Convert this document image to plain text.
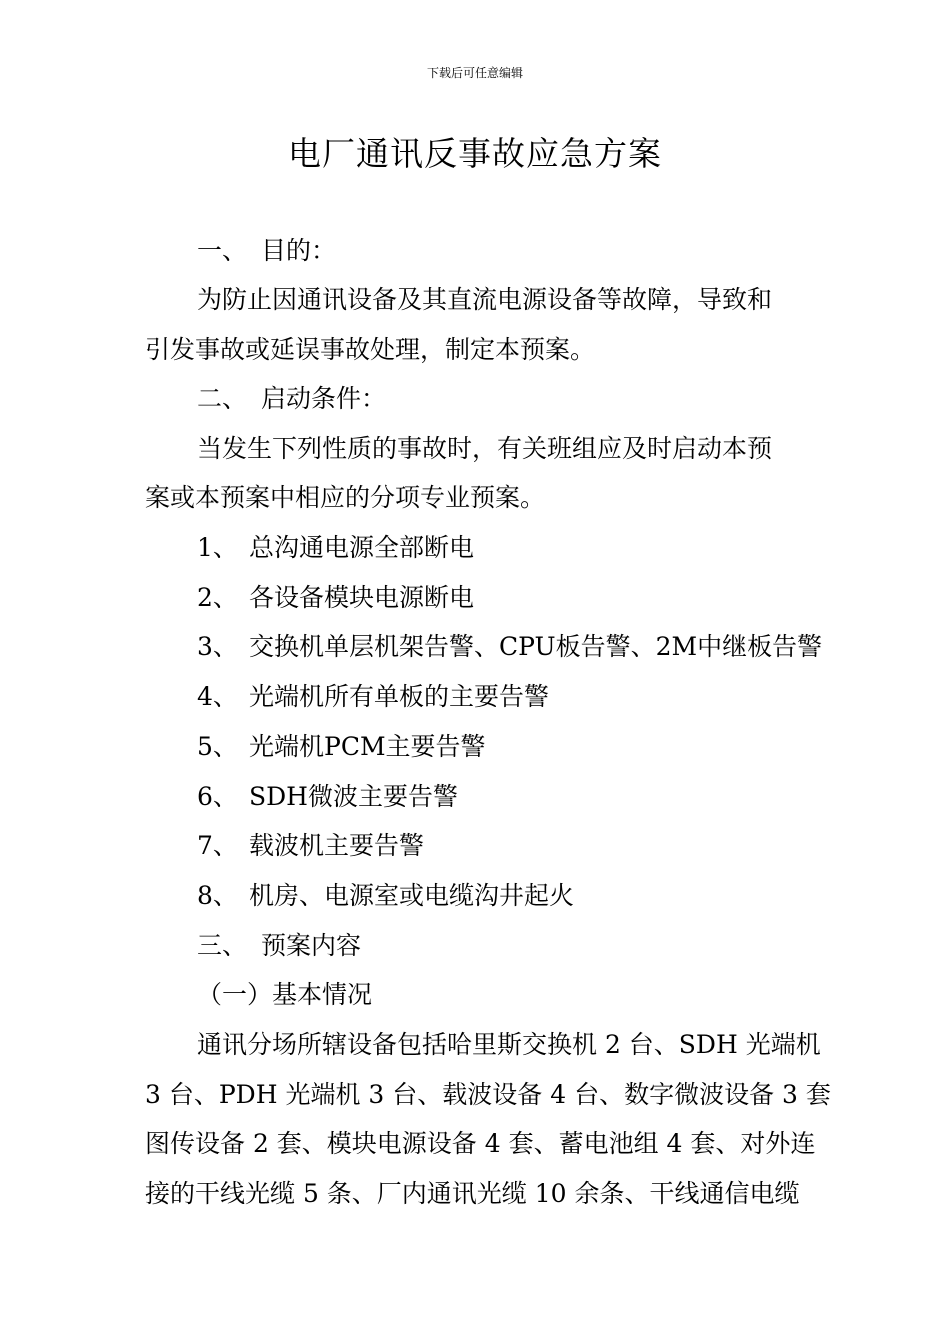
下载后可任意编辑
电厂通讯反事故应急方案
一、 目的：
为防止因通讯设备及其直流电源设备等故障，导致和
引发事故或延误事故处理，制定本预案。
二、 启动条件：
当发生下列性质的事故时，有关班组应及时启动本预
案或本预案中相应的分项专业预案。
1、 总沟通电源全部断电
2、 各设备模块电源断电
3、 交换机单层机架告警、CPU板告警、2M中继板告警
4、 光端机所有单板的主要告警
5、 光端机PCM主要告警
6、 SDH微波主要告警
7、 载波机主要告警
8、 机房、电源室或电缆沟井起火
三、 预案内容
（一）基本情况
通讯分场所辖设备包括哈里斯交换机 2 台、SDH 光端机
3 台、PDH 光端机 3 台、载波设备 4 台、数字微波设备 3 套
图传设备 2 套、模块电源设备 4 套、蓄电池组 4 套、对外连
接的干线光缆 5 条、厂内通讯光缆 10 余条、干线通信电缆
